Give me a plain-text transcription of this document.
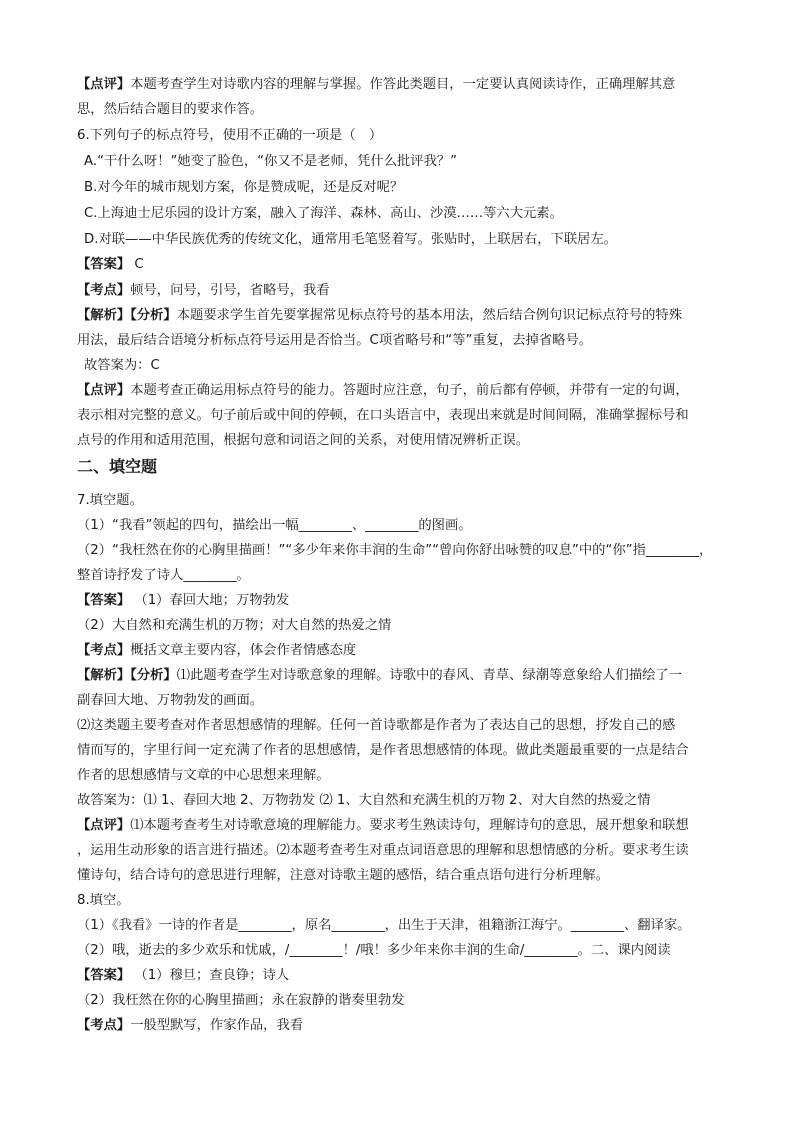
【点评】本题考查学生对诗歌内容的理解与掌握。作答此类题目，一定要认真阅读诗作，正确理解其意
思，然后结合题目的要求作答。
6.下列句子的标点符号，使用不正确的一项是（　）
A.“干什么呀！”她变了脸色，“你又不是老师，凭什么批评我？”
B.对今年的城市规划方案，你是赞成呢，还是反对呢？
C.上海迪士尼乐园的设计方案，融入了海洋、森林、高山、沙漠……等六大元素。
D.对联——中华民族优秀的传统文化，通常用毛笔竖着写。张贴时，上联居右，下联居左。
【答案】 C
【考点】顿号，问号，引号，省略号，我看
【解析】【分析】本题要求学生首先要掌握常见标点符号的基本用法，然后结合例句识记标点符号的特殊
用法，最后结合语境分析标点符号运用是否恰当。C项省略号和“等”重复，去掉省略号。
故答案为：C
【点评】本题考查正确运用标点符号的能力。答题时应注意，句子，前后都有停顿，并带有一定的句调，
表示相对完整的意义。句子前后或中间的停顿，在口头语言中，表现出来就是时间间隔，准确掌握标号和
点号的作用和适用范围，根据句意和词语之间的关系，对使用情况辨析正误。
二、填空题
7.填空题。
（1）“我看”领起的四句，描绘出一幅________、________的图画。
（2）“我枉然在你的心胸里描画！”“多少年来你丰润的生命”“曾向你舒出咏赞的叹息”中的“你”指________，
整首诗抒发了诗人________。
【答案】 （1）春回大地；万物勃发
（2）大自然和充满生机的万物；对大自然的热爱之情
【考点】概括文章主要内容，体会作者情感态度
【解析】【分析】⑴此题考查学生对诗歌意象的理解。诗歌中的春风、青草、绿潮等意象给人们描绘了一
副春回大地、万物勃发的画面。
⑵这类题主要考查对作者思想感情的理解。任何一首诗歌都是作者为了表达自己的思想，抒发自己的感
情而写的，字里行间一定充满了作者的思想感情，是作者思想感情的体现。做此类题最重要的一点是结合
作者的思想感情与文章的中心思想来理解。
故答案为：⑴ 1、春回大地 2、万物勃发 ⑵ 1、大自然和充满生机的万物 2、对大自然的热爱之情
【点评】⑴本题考查考生对诗歌意境的理解能力。要求考生熟读诗句，理解诗句的意思，展开想象和联想
，运用生动形象的语言进行描述。⑵本题考查考生对重点词语意思的理解和思想情感的分析。要求考生读
懂诗句，结合诗句的意思进行理解，注意对诗歌主题的感悟，结合重点语句进行分析理解。
8.填空。
（1）《我看》一诗的作者是________，原名________，出生于天津，祖籍浙江海宁。________、翻译家。
（2）哦，逝去的多少欢乐和忧戚，/________！/哦！多少年来你丰润的生命/________。二、课内阅读
【答案】 （1）穆旦；查良铮；诗人
（2）我枉然在你的心胸里描画；永在寂静的谐奏里勃发
【考点】一般型默写，作家作品，我看
